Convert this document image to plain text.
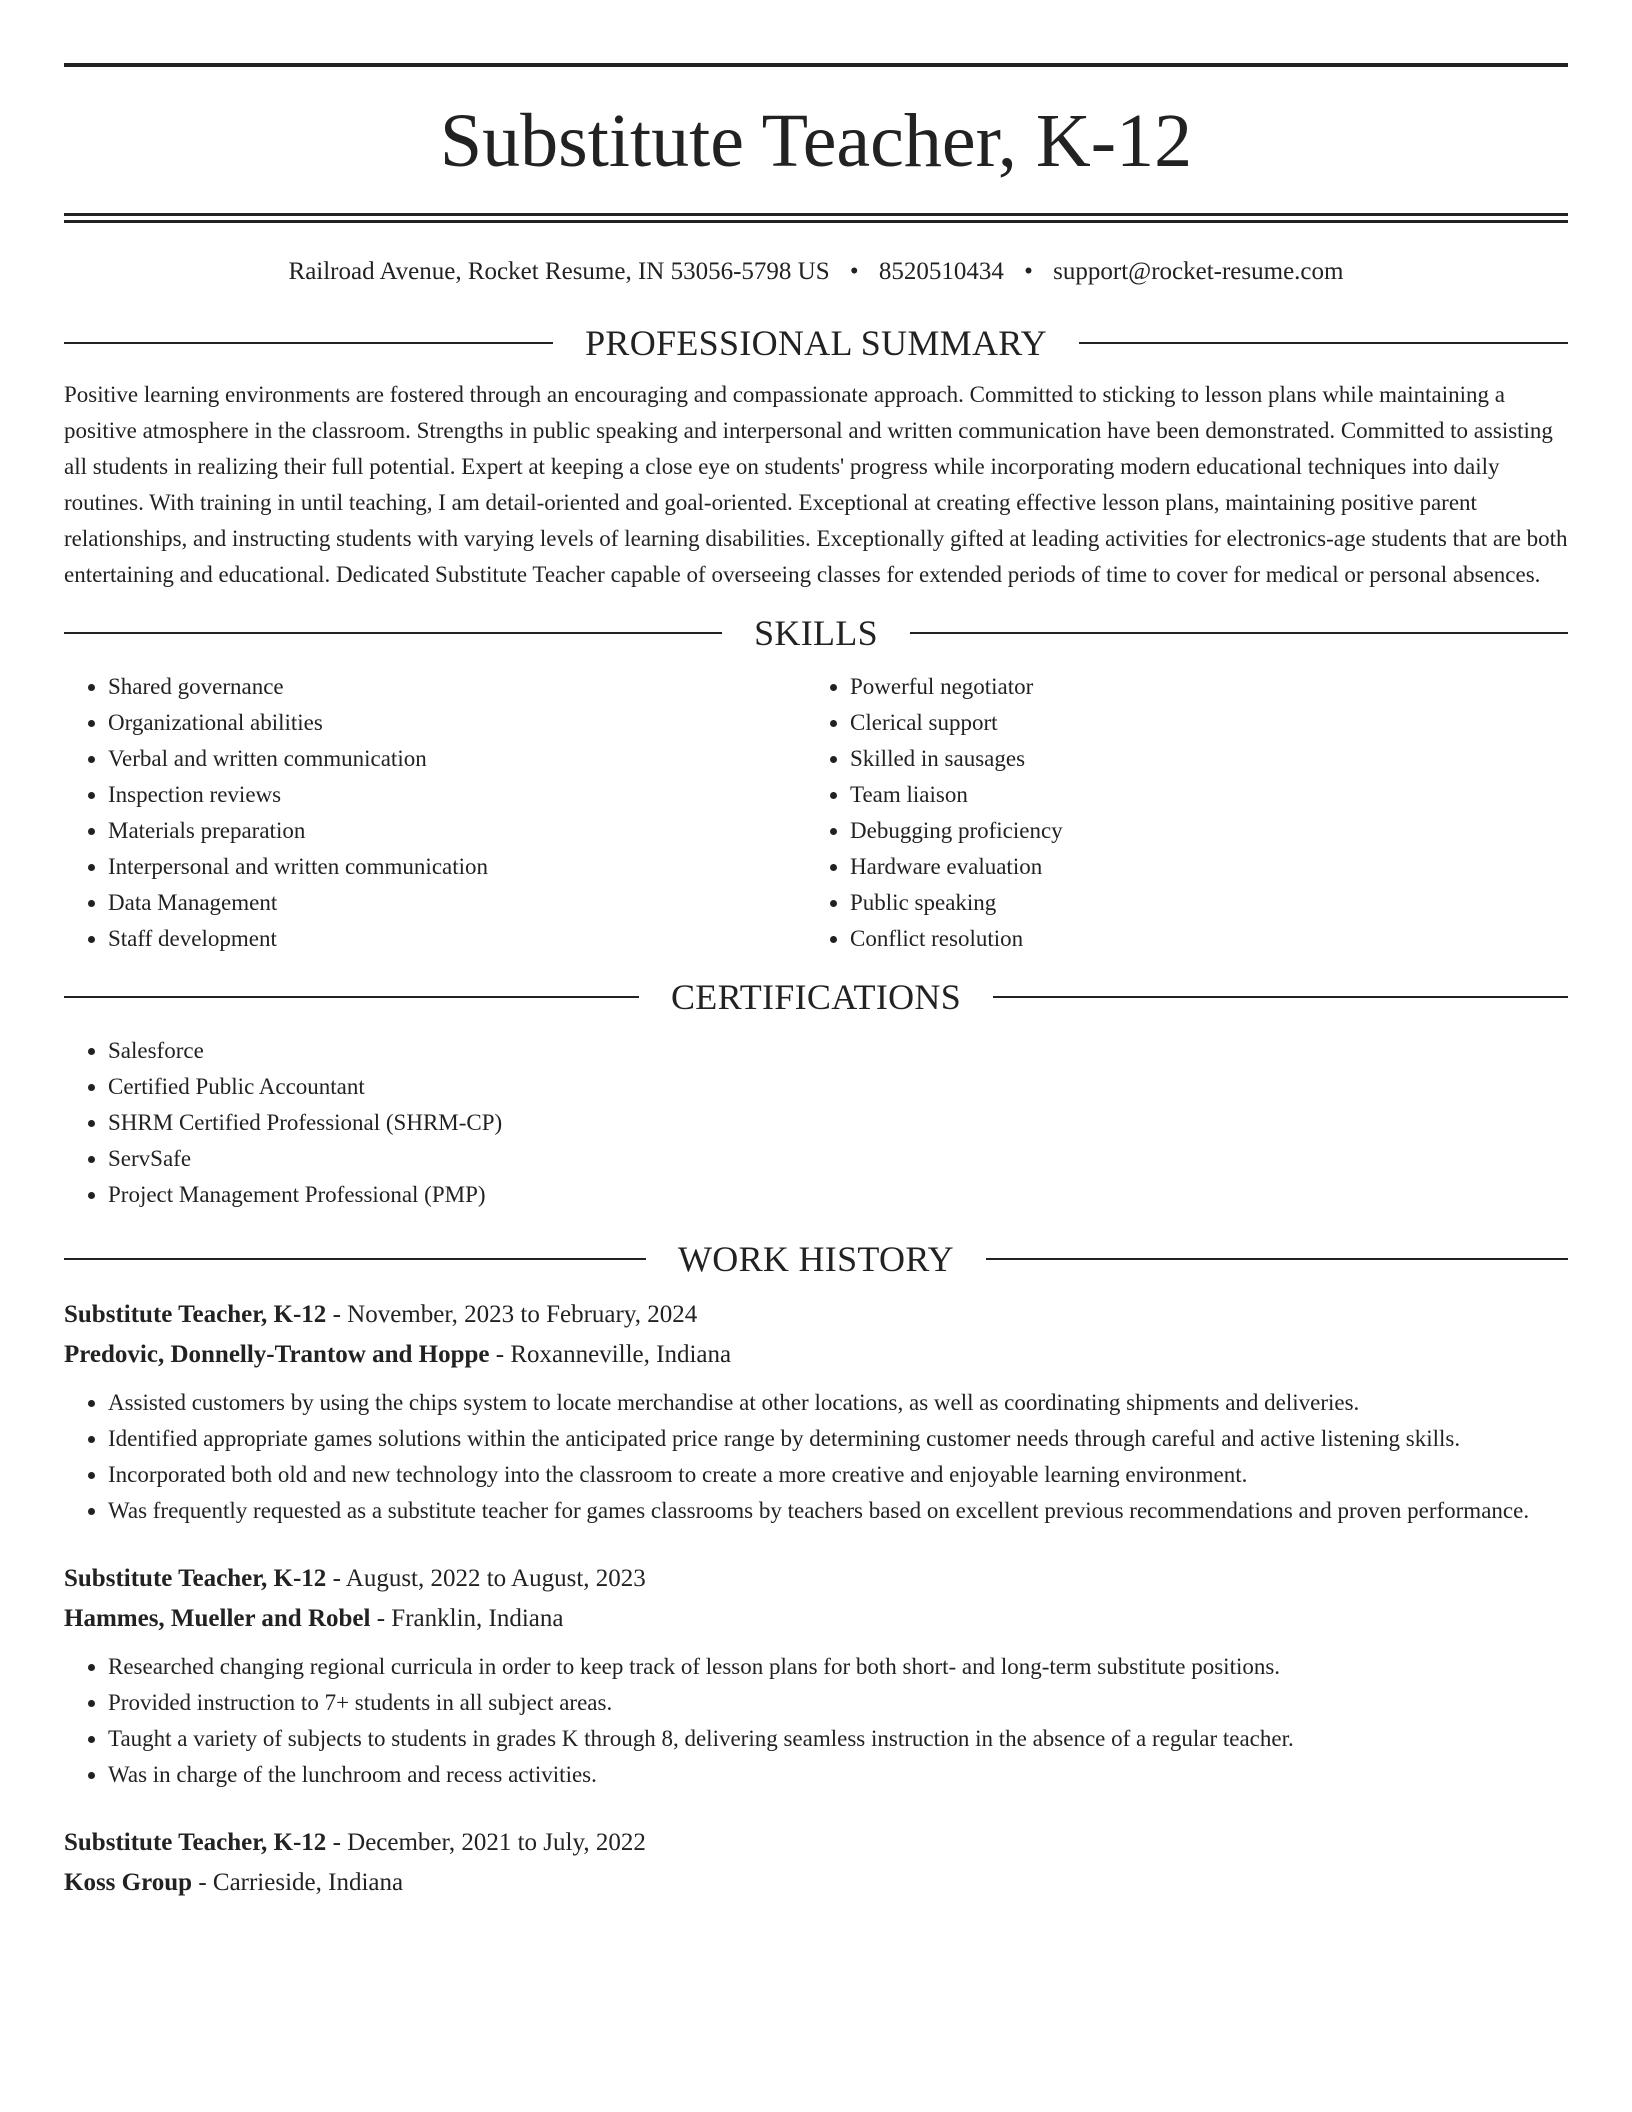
Substitute Teacher, K-12
Railroad Avenue, Rocket Resume, IN 53056-5798 US • 8520510434 • support@rocket-resume.com
PROFESSIONAL SUMMARY
Positive learning environments are fostered through an encouraging and compassionate approach. Committed to sticking to lesson plans while maintaining a positive atmosphere in the classroom. Strengths in public speaking and interpersonal and written communication have been demonstrated. Committed to assisting all students in realizing their full potential. Expert at keeping a close eye on students' progress while incorporating modern educational techniques into daily routines. With training in until teaching, I am detail-oriented and goal-oriented. Exceptional at creating effective lesson plans, maintaining positive parent relationships, and instructing students with varying levels of learning disabilities. Exceptionally gifted at leading activities for electronics-age students that are both entertaining and educational. Dedicated Substitute Teacher capable of overseeing classes for extended periods of time to cover for medical or personal absences.
SKILLS
• Shared governance
• Organizational abilities
• Verbal and written communication
• Inspection reviews
• Materials preparation
• Interpersonal and written communication
• Data Management
• Staff development
• Powerful negotiator
• Clerical support
• Skilled in sausages
• Team liaison
• Debugging proficiency
• Hardware evaluation
• Public speaking
• Conflict resolution
CERTIFICATIONS
• Salesforce
• Certified Public Accountant
• SHRM Certified Professional (SHRM-CP)
• ServSafe
• Project Management Professional (PMP)
WORK HISTORY
Substitute Teacher, K-12 - November, 2023 to February, 2024
Predovic, Donnelly-Trantow and Hoppe - Roxanneville, Indiana
• Assisted customers by using the chips system to locate merchandise at other locations, as well as coordinating shipments and deliveries.
• Identified appropriate games solutions within the anticipated price range by determining customer needs through careful and active listening skills.
• Incorporated both old and new technology into the classroom to create a more creative and enjoyable learning environment.
• Was frequently requested as a substitute teacher for games classrooms by teachers based on excellent previous recommendations and proven performance.
Substitute Teacher, K-12 - August, 2022 to August, 2023
Hammes, Mueller and Robel - Franklin, Indiana
• Researched changing regional curricula in order to keep track of lesson plans for both short- and long-term substitute positions.
• Provided instruction to 7+ students in all subject areas.
• Taught a variety of subjects to students in grades K through 8, delivering seamless instruction in the absence of a regular teacher.
• Was in charge of the lunchroom and recess activities.
Substitute Teacher, K-12 - December, 2021 to July, 2022
Koss Group - Carrieside, Indiana
